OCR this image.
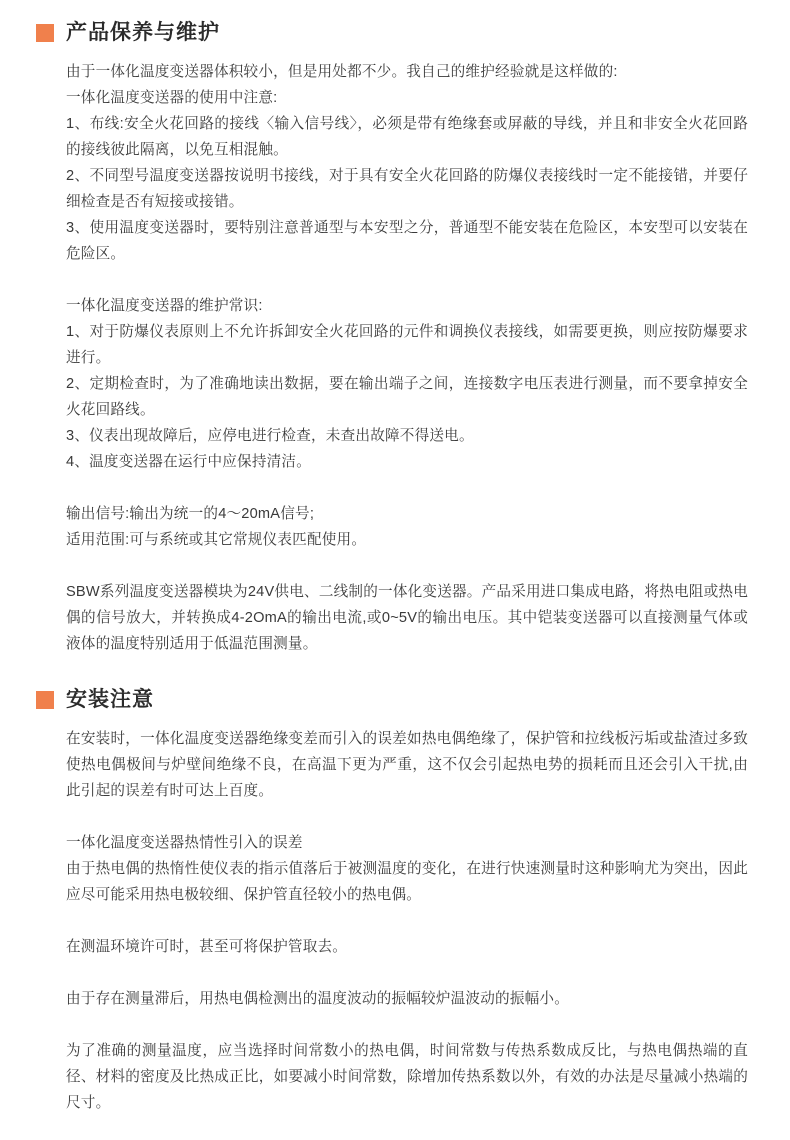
产品保养与维护

由于一体化温度变送器体积较小，但是用处都不少。我自己的维护经验就是这样做的:

一体化温度变送器的使用中注意:

1、布线:安全火花回路的接线〈输入信号线〉，必须是带有绝缘套或屏蔽的导线，并且和非安全火花回路的接线彼此隔离，以免互相混触。

2、不同型号温度变送器按说明书接线，对于具有安全火花回路的防爆仪表接线时一定不能接错，并要仔细检查是否有短接或接错。

3、使用温度变送器时，要特别注意普通型与本安型之分，普通型不能安装在危险区，本安型可以安装在危险区。

一体化温度变送器的维护常识:

1、对于防爆仪表原则上不允许拆卸安全火花回路的元件和调换仪表接线，如需要更换，则应按防爆要求进行。

2、定期检查时，为了准确地读出数据，要在输出端子之间，连接数字电压表进行测量，而不要拿掉安全火花回路线。

3、仪表出现故障后，应停电进行检查，未查出故障不得送电。

4、温度变送器在运行中应保持清洁。

输出信号:输出为统一的4～20mA信号;

适用范围:可与系统或其它常规仪表匹配使用。

SBW系列温度变送器模块为24V供电、二线制的一体化变送器。产品采用进口集成电路，将热电阻或热电偶的信号放大，并转换成4-2OmA的输出电流,或0~5V的输出电压。其中铠装变送器可以直接测量气体或液体的温度特别适用于低温范围测量。

安装注意

在安装时，一体化温度变送器绝缘变差而引入的误差如热电偶绝缘了，保护管和拉线板污垢或盐渣过多致使热电偶极间与炉壁间绝缘不良，在高温下更为严重，这不仅会引起热电势的损耗而且还会引入干扰,由此引起的误差有时可达上百度。

一体化温度变送器热情性引入的误差

由于热电偶的热惰性使仪表的指示值落后于被测温度的变化，在进行快速测量时这种影响尤为突出，因此应尽可能采用热电极较细、保护管直径较小的热电偶。

在测温环境许可时，甚至可将保护管取去。

由于存在测量滞后，用热电偶检测出的温度波动的振幅较炉温波动的振幅小。

为了准确的测量温度，应当选择时间常数小的热电偶，时间常数与传热系数成反比，与热电偶热端的直径、材料的密度及比热成正比，如要减小时间常数，除增加传热系数以外，有效的办法是尽量减小热端的尺寸。
